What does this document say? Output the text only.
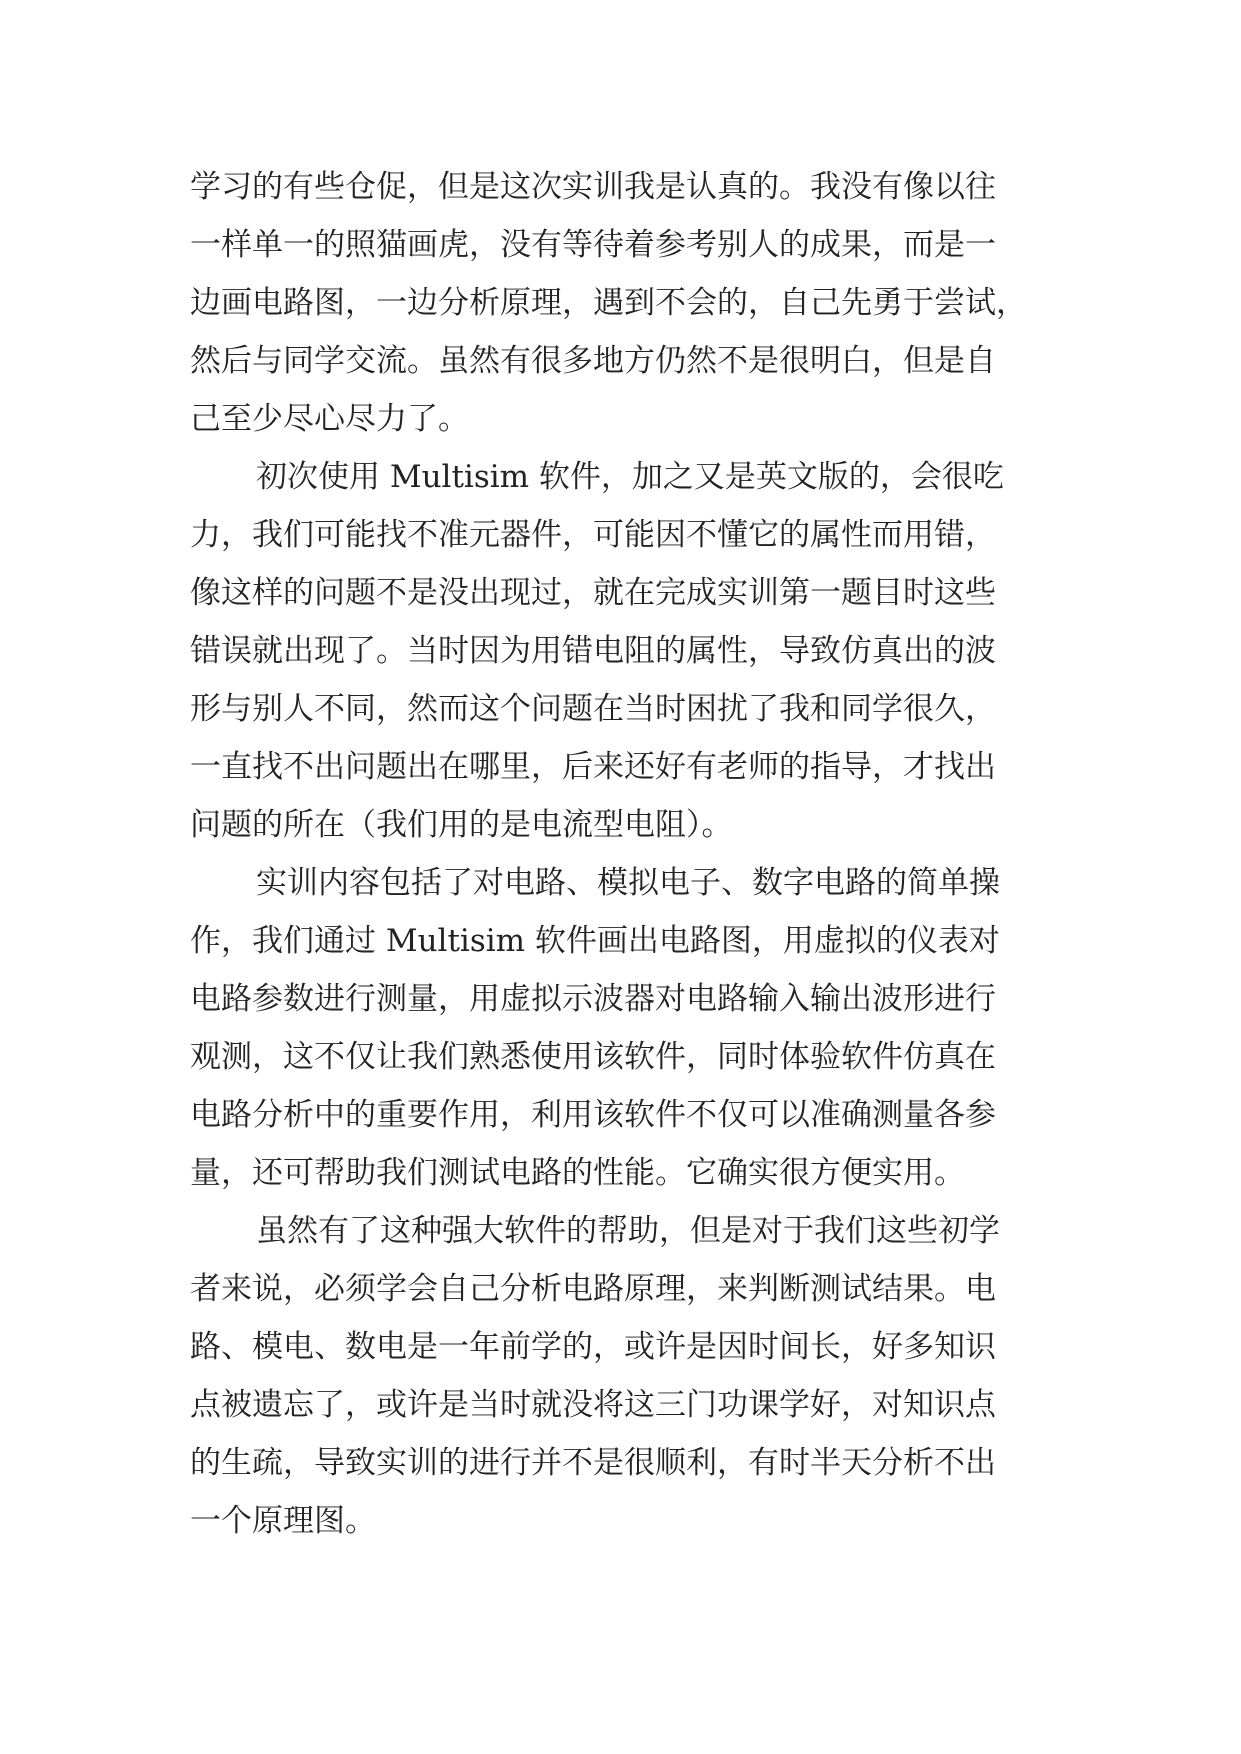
学习的有些仓促，但是这次实训我是认真的。我没有像以往
一样单一的照猫画虎，没有等待着参考别人的成果，而是一
边画电路图，一边分析原理，遇到不会的，自己先勇于尝试，
然后与同学交流。虽然有很多地方仍然不是很明白，但是自
己至少尽心尽力了。
初次使用 Multisim 软件，加之又是英文版的，会很吃
力，我们可能找不准元器件，可能因不懂它的属性而用错，
像这样的问题不是没出现过，就在完成实训第一题目时这些
错误就出现了。当时因为用错电阻的属性，导致仿真出的波
形与别人不同，然而这个问题在当时困扰了我和同学很久，
一直找不出问题出在哪里，后来还好有老师的指导，才找出
问题的所在（我们用的是电流型电阻）。
实训内容包括了对电路、模拟电子、数字电路的简单操
作，我们通过 Multisim 软件画出电路图，用虚拟的仪表对
电路参数进行测量，用虚拟示波器对电路输入输出波形进行
观测，这不仅让我们熟悉使用该软件，同时体验软件仿真在
电路分析中的重要作用，利用该软件不仅可以准确测量各参
量，还可帮助我们测试电路的性能。它确实很方便实用。
虽然有了这种强大软件的帮助，但是对于我们这些初学
者来说，必须学会自己分析电路原理，来判断测试结果。电
路、模电、数电是一年前学的，或许是因时间长，好多知识
点被遗忘了，或许是当时就没将这三门功课学好，对知识点
的生疏，导致实训的进行并不是很顺利，有时半天分析不出
一个原理图。
